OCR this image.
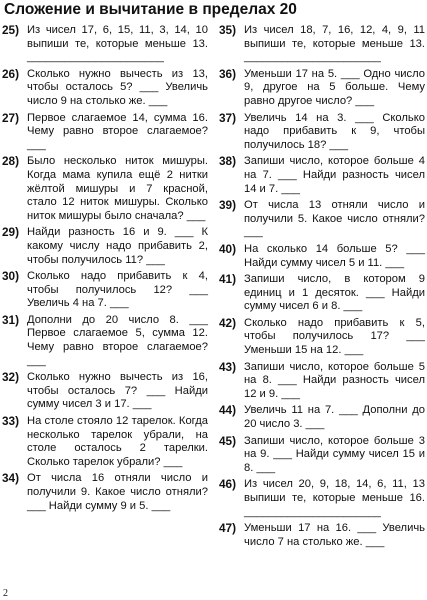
Сложение и вычитание в пределах 20
25) Из чисел 17, 6, 15, 11, 3, 14, 10 выпиши те, которые меньше 13. ______________________
26) Сколько нужно вычесть из 13, чтобы осталось 5? ___ Увеличь число 9 на столько же. ___
27) Первое слагаемое 14, сумма 16. Чему равно второе слагаемое? ___
28) Было несколько ниток мишуры. Когда мама купила ещё 2 нитки жёлтой мишуры и 7 красной, стало 12 ниток мишуры. Сколько ниток мишуры было сначала? ___
29) Найди разность 16 и 9. ___ К какому числу надо прибавить 2, чтобы получилось 11? ___
30) Сколько надо прибавить к 4, чтобы получилось 12? ___ Увеличь 4 на 7. ___
31) Дополни до 20 число 8. ___ Первое слагаемое 5, сумма 12. Чему равно второе слагаемое? ___
32) Сколько нужно вычесть из 16, чтобы осталось 7? ___ Найди сумму чисел 3 и 17. ___
33) На столе стояло 12 тарелок. Когда несколько тарелок убрали, на столе осталось 2 тарелки. Сколько тарелок убрали? ___
34) От числа 16 отняли число и получили 9. Какое число отняли? ___ Найди сумму 9 и 5. ___
35) Из чисел 18, 7, 16, 12, 4, 9, 11 выпиши те, которые меньше 13. ______________________
36) Уменьши 17 на 5. ___ Одно число 9, другое на 5 больше. Чему равно другое число? ___
37) Увеличь 14 на 3. ___ Сколько надо прибавить к 9, чтобы получилось 18? ___
38) Запиши число, которое больше 4 на 7. ___ Найди разность чисел 14 и 7. ___
39) От числа 13 отняли число и получили 5. Какое число отняли? ___
40) На сколько 14 больше 5? ___ Найди сумму чисел 5 и 11. ___
41) Запиши число, в котором 9 единиц и 1 десяток. ___ Найди сумму чисел 6 и 8. ___
42) Сколько надо прибавить к 5, чтобы получилось 17? ___ Уменьши 15 на 12. ___
43) Запиши число, которое больше 5 на 8. ___ Найди разность чисел 12 и 9. ___
44) Увеличь 11 на 7. ___ Дополни до 20 число 3. ___
45) Запиши число, которое больше 3 на 9. ___ Найди сумму чисел 15 и 8. ___
46) Из чисел 20, 9, 18, 14, 6, 11, 13 выпиши те, которые меньше 16. ______________________
47) Уменьши 17 на 16. ___ Увеличь число 7 на столько же. ___
2
